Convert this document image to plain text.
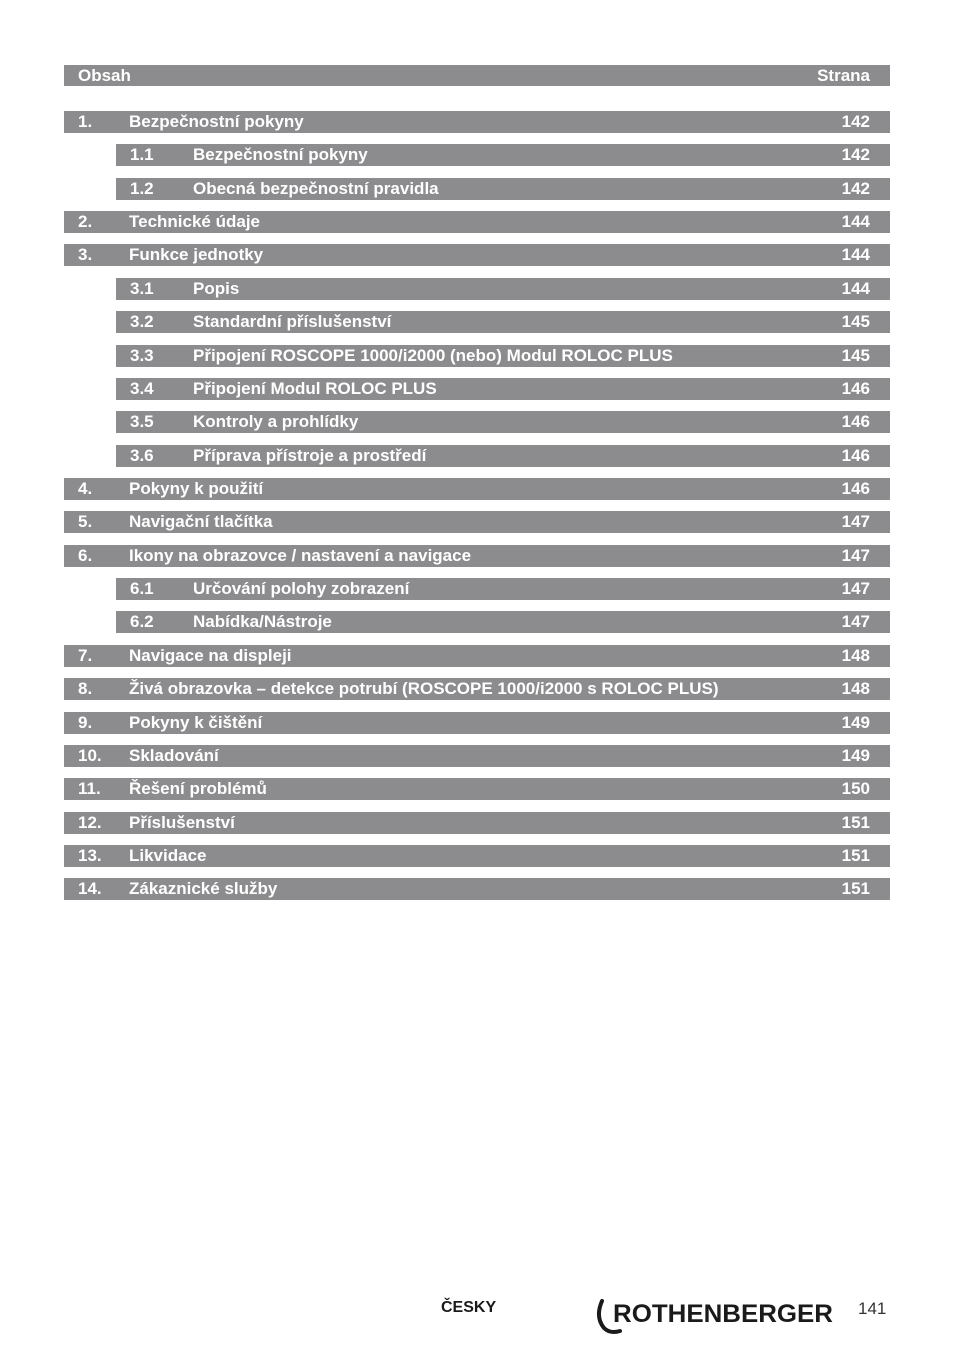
Obsah	Strana
1. Bezpečnostní pokyny	142
1.1 Bezpečnostní pokyny	142
1.2 Obecná bezpečnostní pravidla	142
2. Technické údaje	144
3. Funkce jednotky	144
3.1 Popis	144
3.2 Standardní příslušenství	145
3.3 Připojení ROSCOPE 1000/i2000 (nebo) Modul ROLOC PLUS	145
3.4 Připojení Modul ROLOC PLUS	146
3.5 Kontroly a prohlídky	146
3.6 Příprava přístroje a prostředí	146
4. Pokyny k použití	146
5. Navigační tlačítka	147
6. Ikony na obrazovce / nastavení a navigace	147
6.1 Určování polohy zobrazení	147
6.2 Nabídka/Nástroje	147
7. Navigace na displeji	148
8. Živá obrazovka – detekce potrubí (ROSCOPE 1000/i2000 s ROLOC PLUS)	148
9. Pokyny k čištění	149
10. Skladování	149
11. Řešení problémů	150
12. Příslušenství	151
13. Likvidace	151
14. Zákaznické služby	151
ČESKY	ROTHENBERGER 141
